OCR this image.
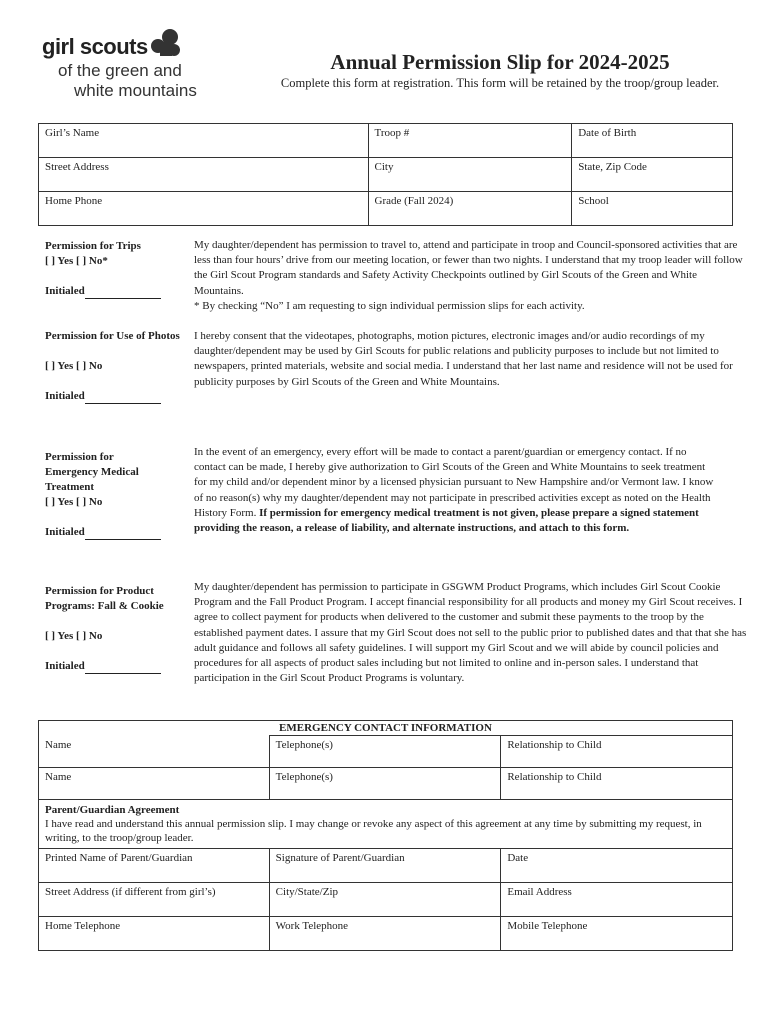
girl scouts
of the green and
white mountains
Annual Permission Slip for 2024-2025
Complete this form at registration. This form will be retained by the troop/group leader.
Girl’s Name	Troop #	Date of Birth
Street Address	City	State, Zip Code
Home Phone	Grade (Fall 2024)	School
Permission for Trips
[ ] Yes [ ] No*
Initialed
My daughter/dependent has permission to travel to, attend and participate in troop and Council-sponsored activities that are less than four hours’ drive from our meeting location, or fewer than two nights. I understand that my troop leader will follow the Girl Scout Program standards and Safety Activity Checkpoints outlined by Girl Scouts of the Green and White Mountains.
* By checking “No” I am requesting to sign individual permission slips for each activity.
Permission for Use of Photos
[ ] Yes [ ] No
Initialed
I hereby consent that the videotapes, photographs, motion pictures, electronic images and/or audio recordings of my daughter/dependent may be used by Girl Scouts for public relations and publicity purposes to include but not limited to newspapers, printed materials, website and social media. I understand that her last name and residence will not be used for publicity purposes by Girl Scouts of the Green and White Mountains.
Permission for Emergency Medical Treatment
[ ] Yes [ ] No
Initialed
In the event of an emergency, every effort will be made to contact a parent/guardian or emergency contact. If no contact can be made, I hereby give authorization to Girl Scouts of the Green and White Mountains to seek treatment for my child and/or dependent minor by a licensed physician pursuant to New Hampshire and/or Vermont law. I know of no reason(s) why my daughter/dependent may not participate in prescribed activities except as noted on the Health History Form. If permission for emergency medical treatment is not given, please prepare a signed statement providing the reason, a release of liability, and alternate instructions, and attach to this form.
Permission for Product Programs: Fall & Cookie
[ ] Yes [ ] No
Initialed
My daughter/dependent has permission to participate in GSGWM Product Programs, which includes Girl Scout Cookie Program and the Fall Product Program. I accept financial responsibility for all products and money my Girl Scout receives. I agree to collect payment for products when delivered to the customer and submit these payments to the troop by the established payment dates. I assure that my Girl Scout does not sell to the public prior to published dates and that that she has adult guidance and follows all safety guidelines. I will support my Girl Scout and we will abide by council policies and procedures for all aspects of product sales including but not limited to online and in-person sales. I understand that participation in the Girl Scout Product Programs is voluntary.
EMERGENCY CONTACT INFORMATION		
Name	Telephone(s)	Relationship to Child
Name	Telephone(s)	Relationship to Child

Parent/Guardian Agreement
I have read and understand this annual permission slip. I may change or revoke any aspect of this agreement at any time by submitting my request, in writing, to the troop/group leader.		

Printed Name of Parent/Guardian	Signature of Parent/Guardian	Date
Street Address (if different from girl’s)	City/State/Zip	Email Address
Home Telephone	Work Telephone	Mobile Telephone
